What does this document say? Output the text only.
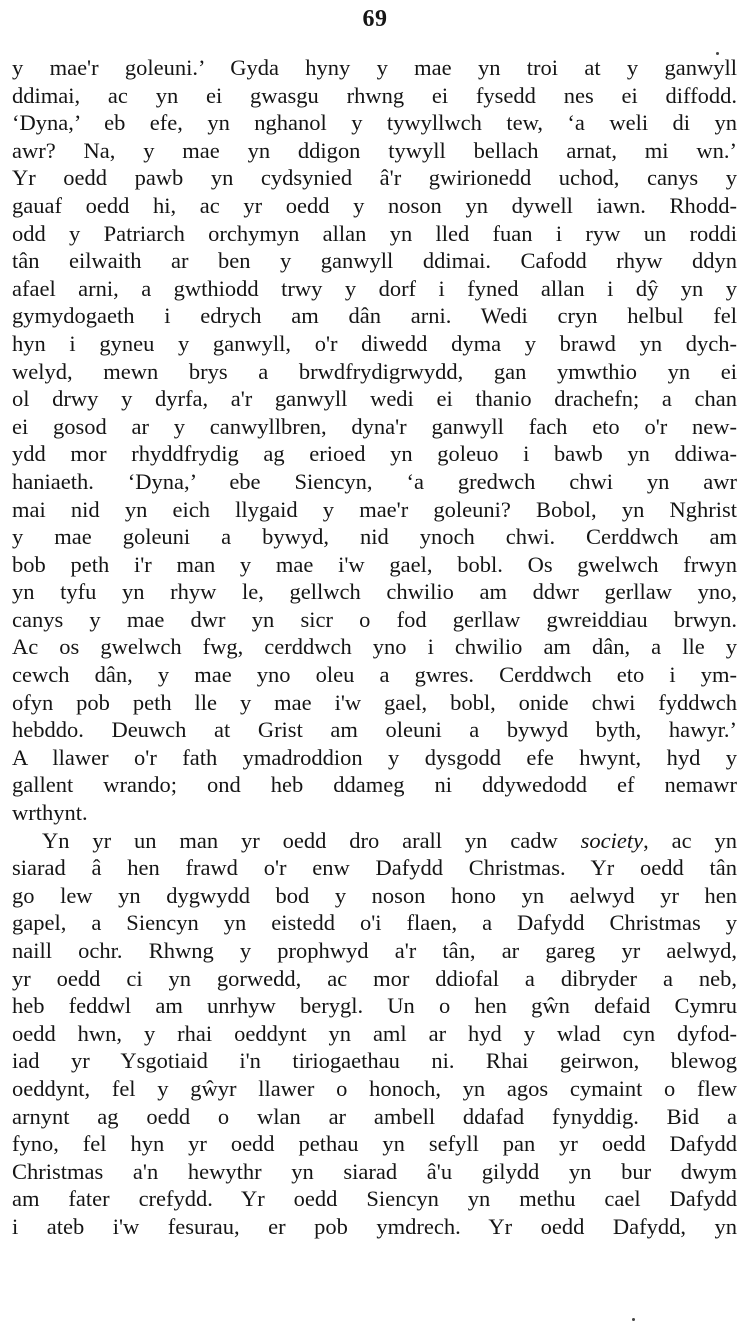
69
y mae'r goleuni.’ Gyda hyny y mae yn troi at y ganwyll
ddimai, ac yn ei gwasgu rhwng ei fysedd nes ei diffodd.
‘Dyna,’ eb efe, yn nghanol y tywyllwch tew, ‘a weli di yn
awr? Na, y mae yn ddigon tywyll bellach arnat, mi wn.’
Yr oedd pawb yn cydsynied â'r gwirionedd uchod, canys y
gauaf oedd hi, ac yr oedd y noson yn dywell iawn. Rhodd-
odd y Patriarch orchymyn allan yn lled fuan i ryw un roddi
tân eilwaith ar ben y ganwyll ddimai. Cafodd rhyw ddyn
afael arni, a gwthiodd trwy y dorf i fyned allan i dŷ yn y
gymydogaeth i edrych am dân arni. Wedi cryn helbul fel
hyn i gyneu y ganwyll, o'r diwedd dyma y brawd yn dych-
welyd, mewn brys a brwdfrydigrwydd, gan ymwthio yn ei
ol drwy y dyrfa, a'r ganwyll wedi ei thanio drachefn; a chan
ei gosod ar y canwyllbren, dyna'r ganwyll fach eto o'r new-
ydd mor rhyddfrydig ag erioed yn goleuo i bawb yn ddiwa-
haniaeth. ‘Dyna,’ ebe Siencyn, ‘a gredwch chwi yn awr
mai nid yn eich llygaid y mae'r goleuni? Bobol, yn Nghrist
y mae goleuni a bywyd, nid ynoch chwi. Cerddwch am
bob peth i'r man y mae i'w gael, bobl. Os gwelwch frwyn
yn tyfu yn rhyw le, gellwch chwilio am ddwr gerllaw yno,
canys y mae dwr yn sicr o fod gerllaw gwreiddiau brwyn.
Ac os gwelwch fwg, cerddwch yno i chwilio am dân, a lle y
cewch dân, y mae yno oleu a gwres. Cerddwch eto i ym-
ofyn pob peth lle y mae i'w gael, bobl, onide chwi fyddwch
hebddo. Deuwch at Grist am oleuni a bywyd byth, hawyr.’
A llawer o'r fath ymadroddion y dysgodd efe hwynt, hyd y
gallent wrando; ond heb ddameg ni ddywedodd ef nemawr
wrthynt.
Yn yr un man yr oedd dro arall yn cadw society, ac yn
siarad â hen frawd o'r enw Dafydd Christmas. Yr oedd tân
go lew yn dygwydd bod y noson hono yn aelwyd yr hen
gapel, a Siencyn yn eistedd o'i flaen, a Dafydd Christmas y
naill ochr. Rhwng y prophwyd a'r tân, ar gareg yr aelwyd,
yr oedd ci yn gorwedd, ac mor ddiofal a dibryder a neb,
heb feddwl am unrhyw berygl. Un o hen gŵn defaid Cymru
oedd hwn, y rhai oeddynt yn aml ar hyd y wlad cyn dyfod-
iad yr Ysgotiaid i'n tiriogaethau ni. Rhai geirwon, blewog
oeddynt, fel y gŵyr llawer o honoch, yn agos cymaint o flew
arnynt ag oedd o wlan ar ambell ddafad fynyddig. Bid a
fyno, fel hyn yr oedd pethau yn sefyll pan yr oedd Dafydd
Christmas a'n hewythr yn siarad â'u gilydd yn bur dwym
am fater crefydd. Yr oedd Siencyn yn methu cael Dafydd
i ateb i'w fesurau, er pob ymdrech. Yr oedd Dafydd, yn
